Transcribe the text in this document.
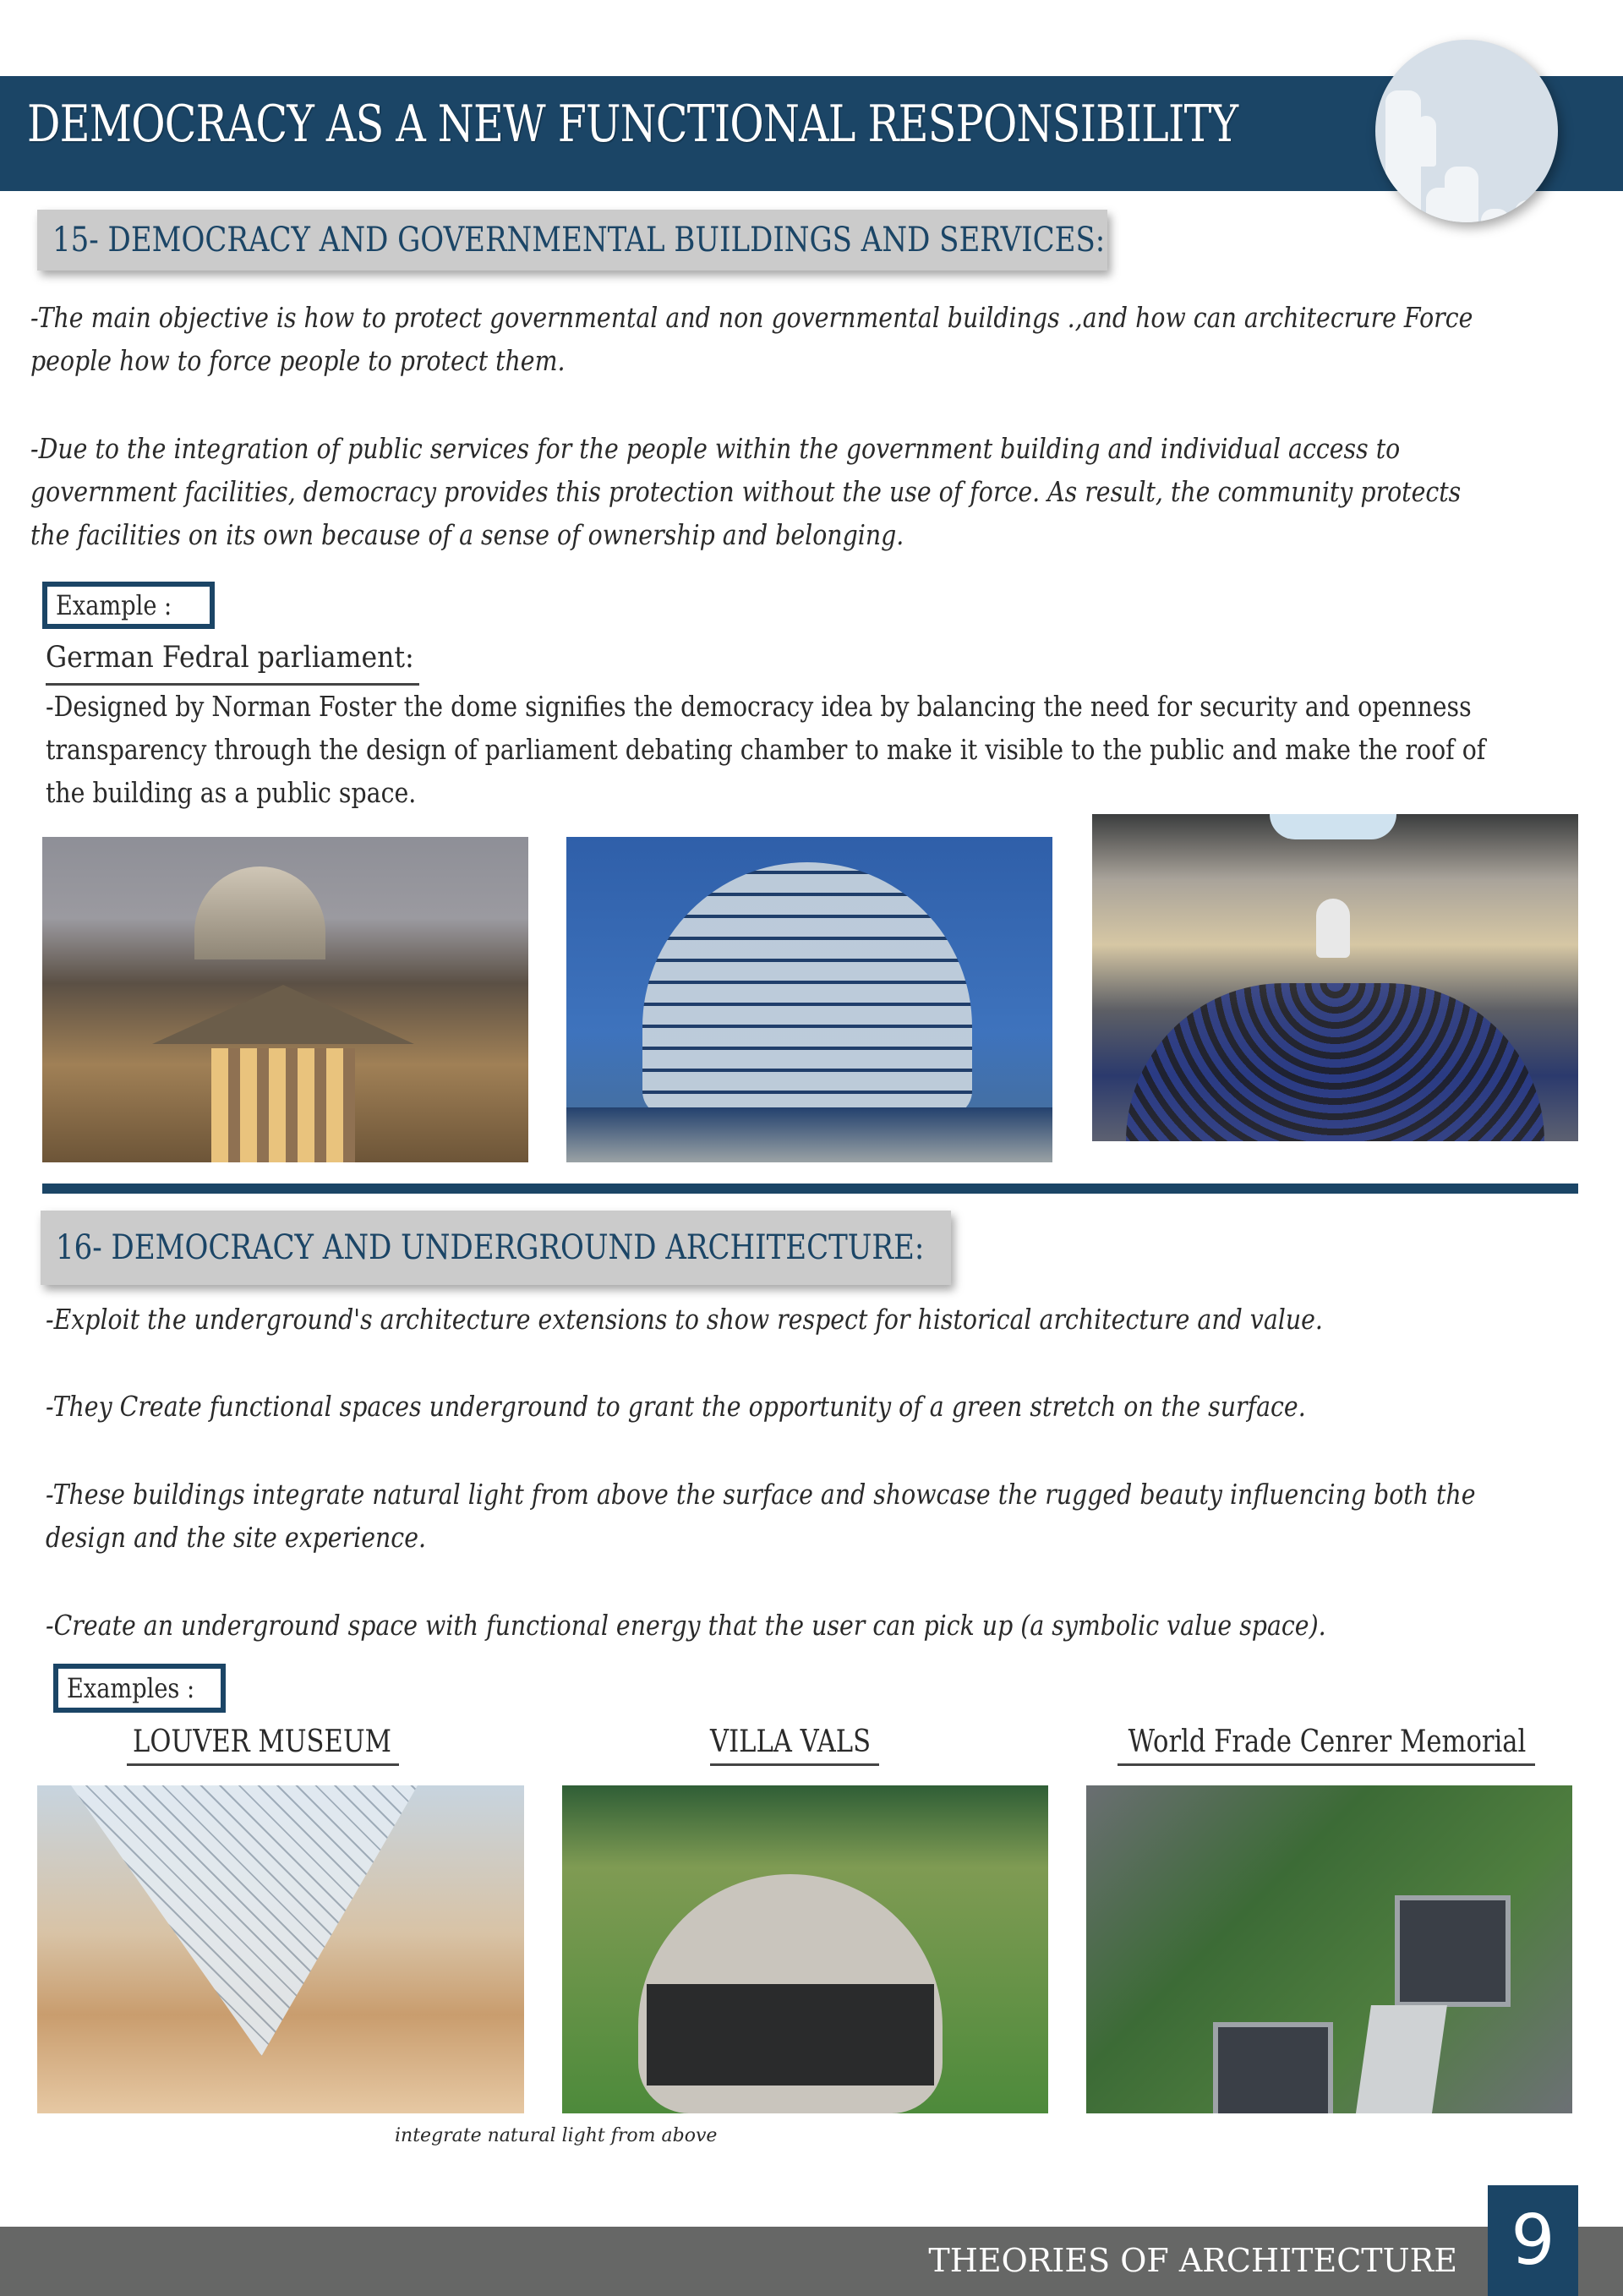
DEMOCRACY AS A NEW FUNCTIONAL RESPONSIBILITY
15- DEMOCRACY AND GOVERNMENTAL BUILDINGS AND SERVICES:
-The main objective is how to protect governmental and non governmental buildings .,and how can architecrure Force
people how to force people to protect them.
-Due to the integration of public services for the people within the government building and individual access to
government facilities, democracy provides this protection without the use of force. As result, the community protects
the facilities on its own because of a sense of ownership and belonging.
Example :
German Fedral parliament:
-Designed by Norman Foster the dome signifies the democracy idea by balancing the need for security and openness
transparency through the design of parliament debating chamber to make it visible to the public and make the roof of
the building as a public space.
16- DEMOCRACY AND UNDERGROUND ARCHITECTURE:
-Exploit the underground's architecture extensions to show respect for historical architecture and value.
-They Create functional spaces underground to grant the opportunity of a green stretch on the surface.
-These buildings integrate natural light from above the surface and showcase the rugged beauty influencing both the
design and the site experience.
-Create an underground space with functional energy that the user can pick up (a symbolic value space).
Examples :
LOUVER MUSEUM	VILLA VALS	World Frade Cenrer Memorial
integrate natural light from above
THEORIES OF ARCHITECTURE 9
